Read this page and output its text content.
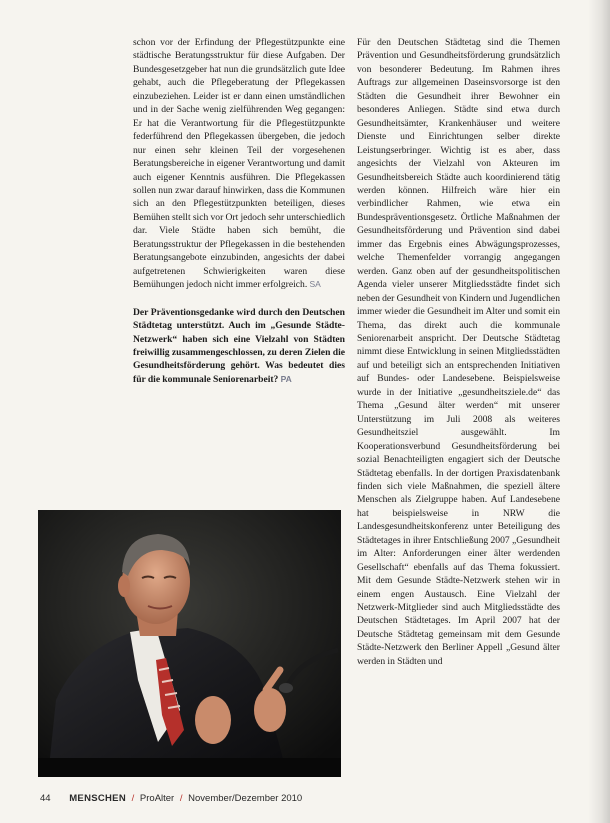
schon vor der Erfindung der Pflegestützpunkte eine städtische Beratungsstruktur für diese Aufgaben. Der Bundesgesetzgeber hat nun die grundsätzlich gute Idee gehabt, auch die Pflegeberatung der Pflegekassen einzubeziehen. Leider ist er dann einen umständlichen und in der Sache wenig zielführenden Weg gegangen: Er hat die Verantwortung für die Pflegestützpunkte federführend den Pflegekassen übergeben, die jedoch nur einen sehr kleinen Teil der vorgesehenen Beratungsbereiche in eigener Verantwortung und damit auch eigener Kenntnis ausführen. Die Pflegekassen sollen nun zwar darauf hinwirken, dass die Kommunen sich an den Pflegestützpunkten beteiligen, dieses Bemühen stellt sich vor Ort jedoch sehr unterschiedlich dar. Viele Städte haben sich bemüht, die Beratungsstruktur der Pflegekassen in die bestehenden Beratungsangebote einzubinden, angesichts der dabei aufgetretenen Schwierigkeiten waren diese Bemühungen jedoch nicht immer erfolgreich. SA

Der Präventionsgedanke wird durch den Deutschen Städtetag unterstützt. Auch im „Gesunde Städte-Netzwerk“ haben sich eine Vielzahl von Städten freiwillig zusammengeschlossen, zu deren Zielen die Gesundheitsförderung gehört. Was bedeutet dies für die kommunale Seniorenarbeit? PA

Für den Deutschen Städtetag sind die Themen Prävention und Gesundheitsförderung grundsätzlich von besonderer Bedeutung. Im Rahmen ihres Auftrags zur allgemeinen Daseinsvorsorge ist den Städten die Gesundheit ihrer Bewohner ein besonderes Anliegen. Städte sind etwa durch Gesundheitsämter, Krankenhäuser und weitere Dienste und Einrichtungen selber direkte Leistungserbringer. Wichtig ist es aber, dass angesichts der Vielzahl von Akteuren im Gesundheitsbereich Städte auch koordinierend tätig werden können. Hilfreich wäre hier ein verbindlicher Rahmen, wie etwa ein Bundespräventionsgesetz. Örtliche Maßnahmen der Gesundheitsförderung und Prävention sind dabei immer das Ergebnis eines Abwägungsprozesses, welche Themenfelder vorrangig angegangen werden. Ganz oben auf der gesundheitspolitischen Agenda vieler unserer Mitgliedsstädte findet sich neben der Gesundheit von Kindern und Jugendlichen immer wieder die Gesundheit im Alter und somit ein Thema, das direkt auch die kommunale Seniorenarbeit anspricht. Der Deutsche Städtetag nimmt diese Entwicklung in seinen Mitgliedsstädten auf und beteiligt sich an entsprechenden Initiativen auf Bundes- oder Landesebene. Beispielsweise wurde in der Initiative „gesundheitsziele.de“ das Thema „Gesund älter werden“ mit unserer Unterstützung im Juli 2008 als weiteres Gesundheitsziel ausgewählt. Im Kooperationsverbund Gesundheitsförderung bei sozial Benachteiligten engagiert sich der Deutsche Städtetag ebenfalls. In der dortigen Praxisdatenbank finden sich viele Maßnahmen, die speziell ältere Menschen als Zielgruppe haben. Auf Landesebene hat beispielsweise in NRW die Landesgesundheitskonferenz unter Beteiligung des Städtetages in ihrer Entschließung 2007 „Gesundheit im Alter: Anforderungen einer älter werdenden Gesellschaft“ ebenfalls auf das Thema fokussiert. Mit dem Gesunde Städte-Netzwerk stehen wir in einem engen Austausch. Eine Vielzahl der Netzwerk-Mitglieder sind auch Mitgliedsstädte des Deutschen Städtetages. Im April 2007 hat der Deutsche Städtetag gemeinsam mit dem Gesunde Städte-Netzwerk den Berliner Appell „Gesund älter werden in Städten und

44 MENSCHEN / ProAlter / November/Dezember 2010
